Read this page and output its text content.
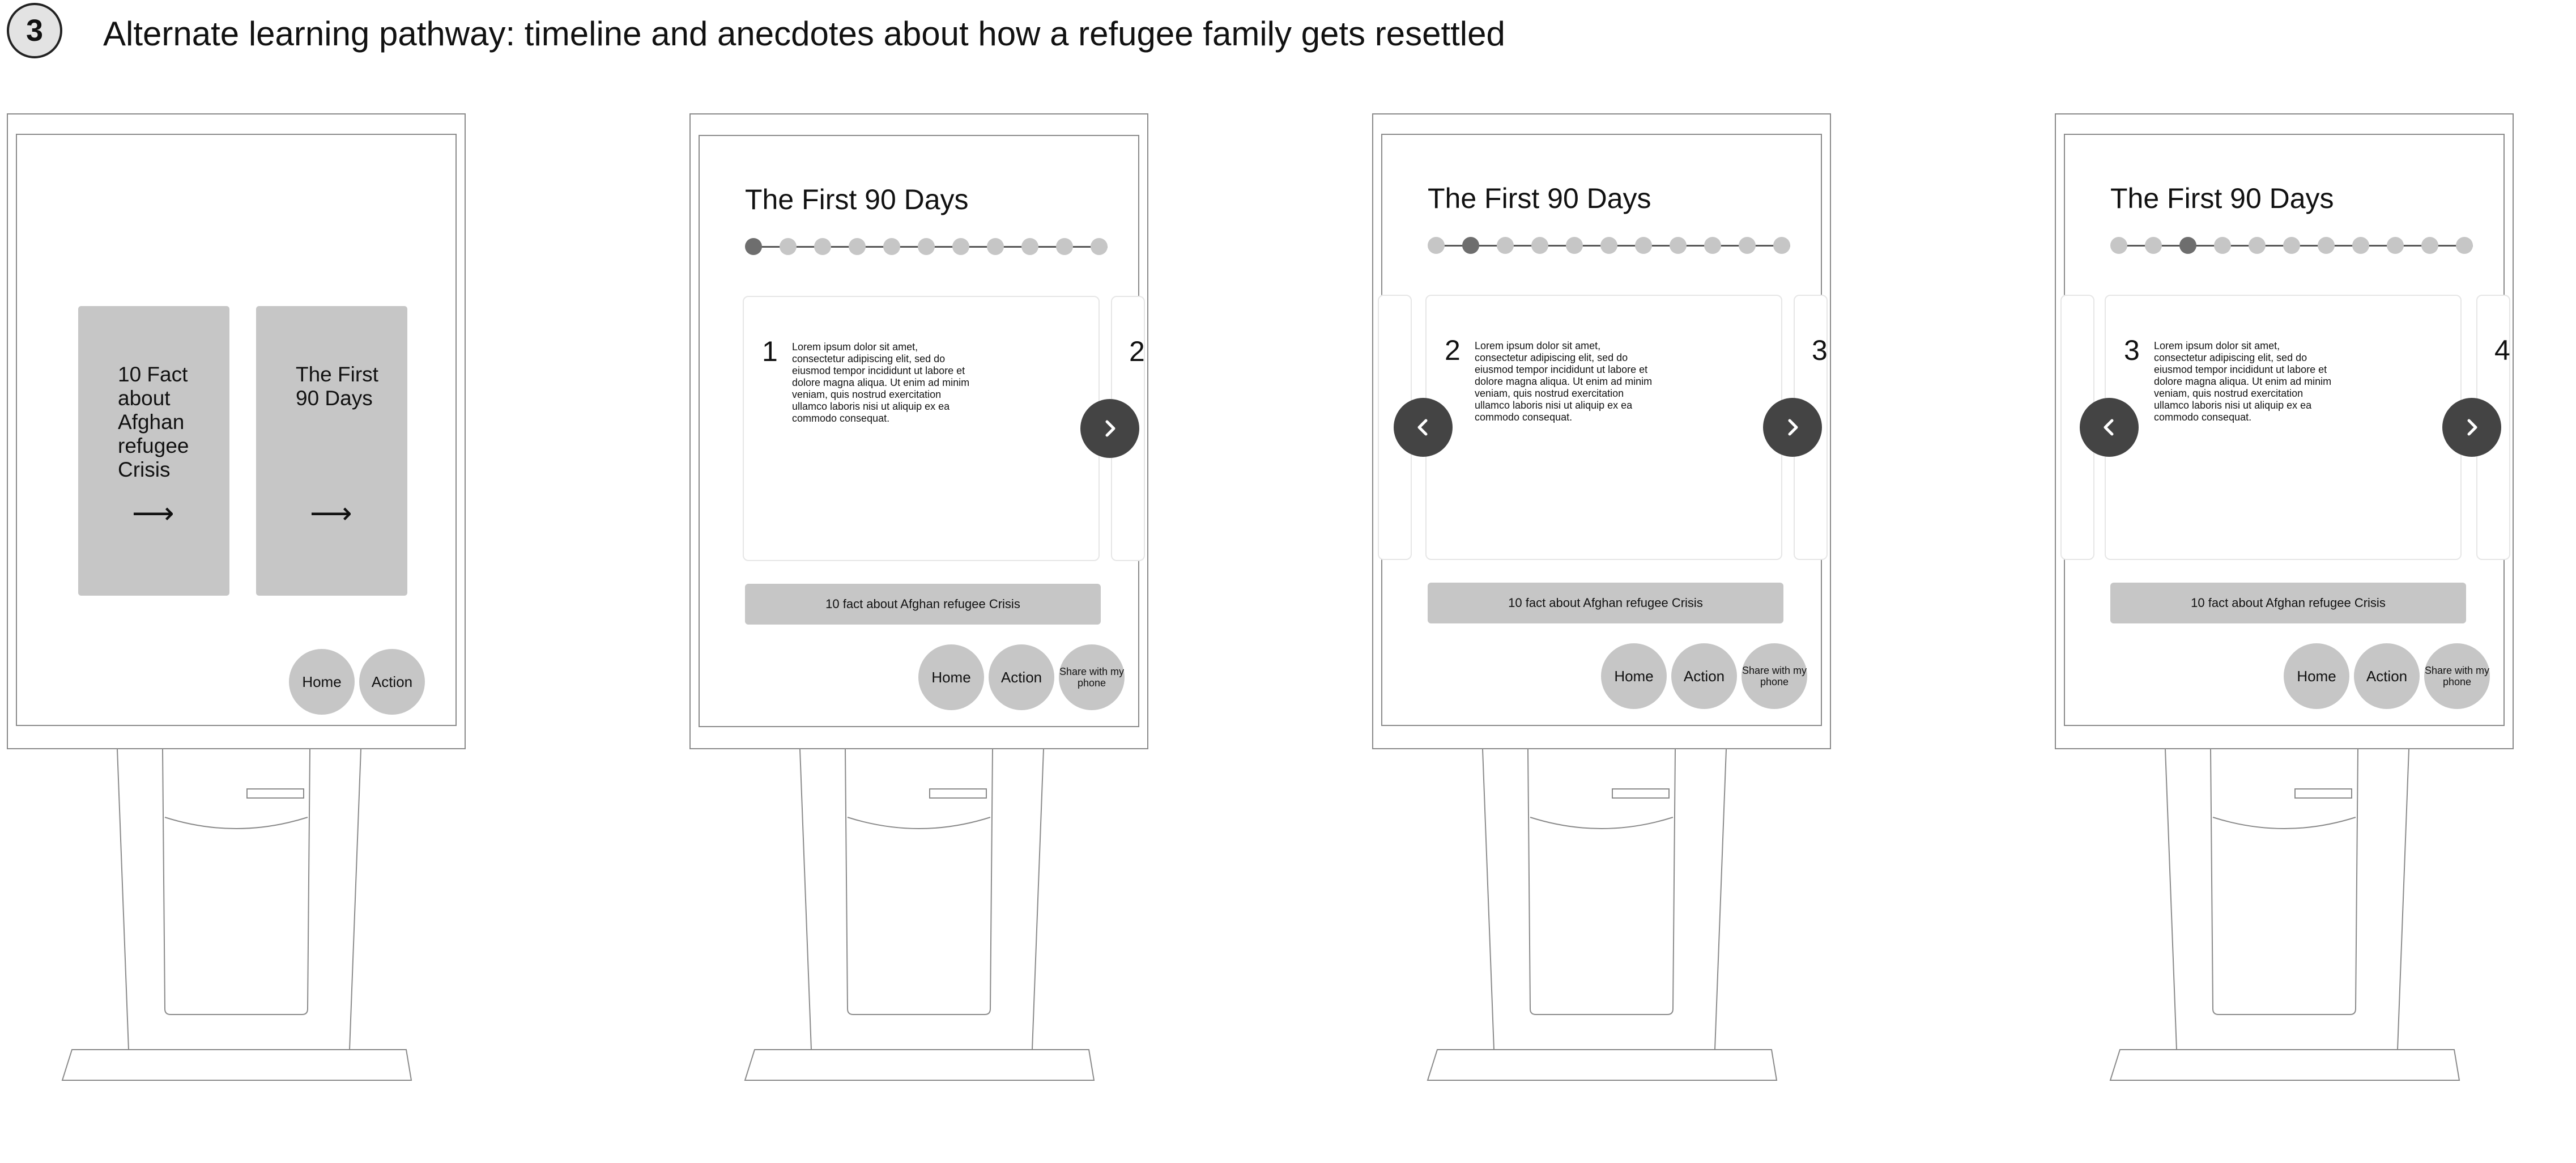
3	Alternate learning pathway: timeline and anecdotes about how a refugee family gets resettled
10 Fact about Afghan refugee Crisis
⟶
The First 90 Days
⟶
Home	Action
The First 90 Days
1 Lorem ipsum dolor sit amet, consectetur adipiscing elit, sed do eiusmod tempor incididunt ut labore et dolore magna aliqua. Ut enim ad minim veniam, quis nostrud exercitation ullamco laboris nisi ut aliquip ex ea commodo consequat.
2
10 fact about Afghan refugee Crisis
Home	Action	Share with my phone
The First 90 Days
2 Lorem ipsum dolor sit amet, consectetur adipiscing elit, sed do eiusmod tempor incididunt ut labore et dolore magna aliqua. Ut enim ad minim veniam, quis nostrud exercitation ullamco laboris nisi ut aliquip ex ea commodo consequat.
3
10 fact about Afghan refugee Crisis
Home	Action	Share with my phone
The First 90 Days
3 Lorem ipsum dolor sit amet, consectetur adipiscing elit, sed do eiusmod tempor incididunt ut labore et dolore magna aliqua. Ut enim ad minim veniam, quis nostrud exercitation ullamco laboris nisi ut aliquip ex ea commodo consequat.
4
10 fact about Afghan refugee Crisis
Home	Action	Share with my phone
